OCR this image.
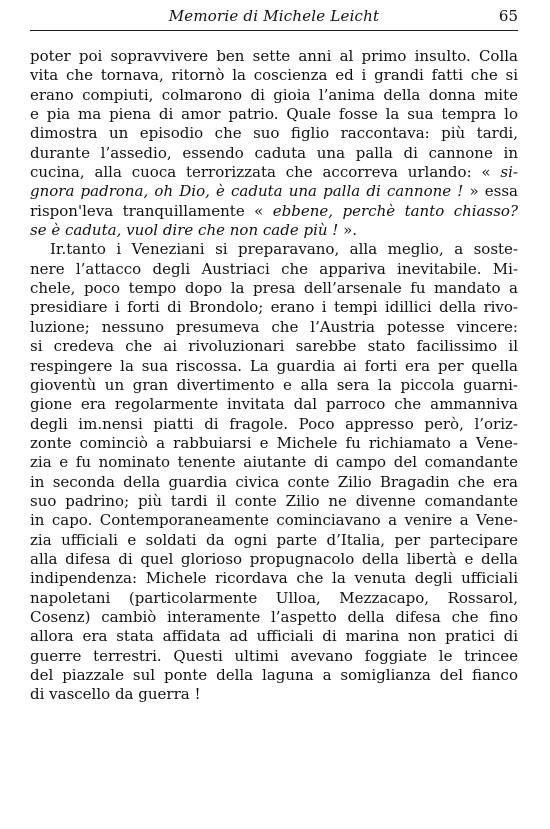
Memorie di Michele Leicht	65
poter poi sopravvivere ben sette anni al primo insulto. Colla
vita che tornava, ritornò la coscienza ed i grandi fatti che si
erano compiuti, colmarono di gioia l’anima della donna mite
e pia ma piena di amor patrio. Quale fosse la sua tempra lo
dimostra un episodio che suo figlio raccontava: più tardi,
durante l’assedio, essendo caduta una palla di cannone in
cucina, alla cuoca terrorizzata che accorreva urlando: « si-
gnora padrona, oh Dio, è caduta una palla di cannone ! » essa
rispon'leva tranquillamente « ebbene, perchè tanto chiasso?
se è caduta, vuol dire che non cade più ! ».
Ir.tanto i Veneziani si preparavano, alla meglio, a soste-
nere l’attacco degli Austriaci che appariva inevitabile. Mi-
chele, poco tempo dopo la presa dell’arsenale fu mandato a
presidiare i forti di Brondolo; erano i tempi idillici della rivo-
luzione; nessuno presumeva che l’Austria potesse vincere:
si credeva che ai rivoluzionari sarebbe stato facilissimo il
respingere la sua riscossa. La guardia ai forti era per quella
gioventù un gran divertimento e alla sera la piccola guarni-
gione era regolarmente invitata dal parroco che ammanniva
degli im.nensi piatti di fragole. Poco appresso però, l’oriz-
zonte cominciò a rabbuiarsi e Michele fu richiamato a Vene-
zia e fu nominato tenente aiutante di campo del comandante
in seconda della guardia civica conte Zilio Bragadin che era
suo padrino; più tardi il conte Zilio ne divenne comandante
in capo. Contemporaneamente cominciavano a venire a Vene-
zia ufficiali e soldati da ogni parte d’Italia, per partecipare
alla difesa di quel glorioso propugnacolo della libertà e della
indipendenza: Michele ricordava che la venuta degli ufficiali
napoletani (particolarmente Ulloa, Mezzacapo, Rossarol,
Cosenz) cambiò interamente l’aspetto della difesa che fino
allora era stata affidata ad ufficiali di marina non pratici di
guerre terrestri. Questi ultimi avevano foggiate le trincee
del piazzale sul ponte della laguna a somiglianza del fianco
di vascello da guerra !
